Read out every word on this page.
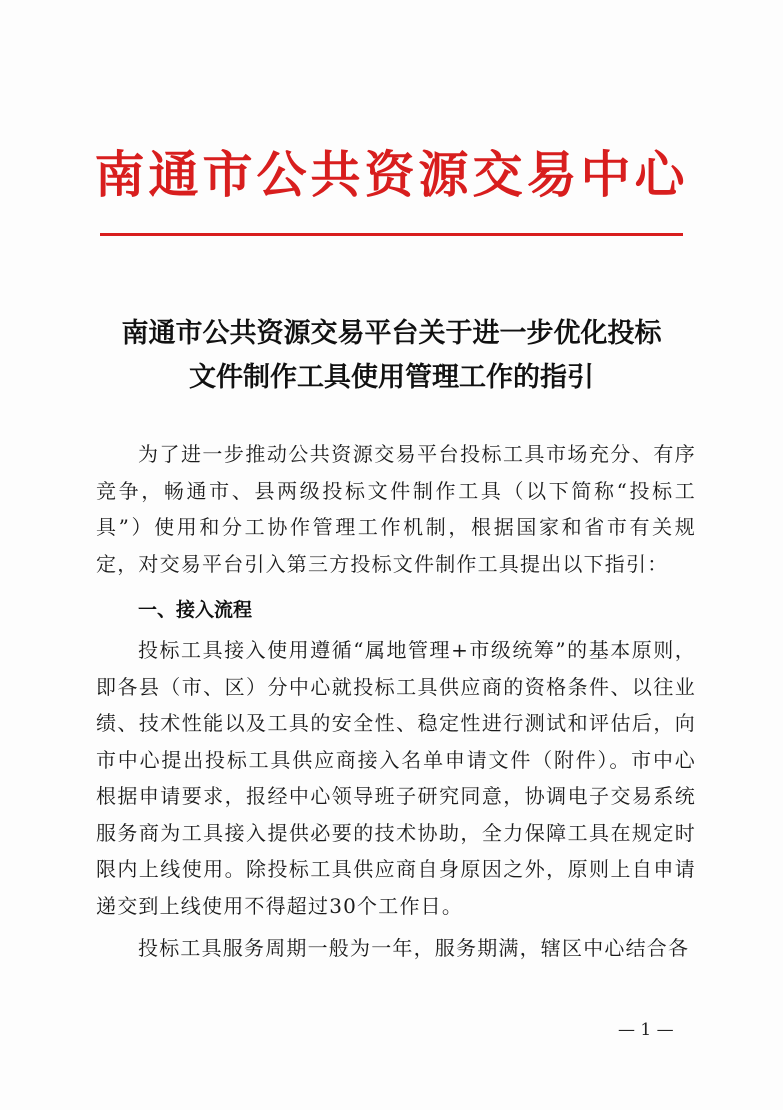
南通市公共资源交易中心
南通市公共资源交易平台关于进一步优化投标
文件制作工具使用管理工作的指引

为了进一步推动公共资源交易平台投标工具市场充分、有序竞争，畅通市、县两级投标文件制作工具（以下简称“投标工具”）使用和分工协作管理工作机制，根据国家和省市有关规定，对交易平台引入第三方投标文件制作工具提出以下指引：

一、接入流程

投标工具接入使用遵循“属地管理+市级统筹”的基本原则，即各县（市、区）分中心就投标工具供应商的资格条件、以往业绩、技术性能以及工具的安全性、稳定性进行测试和评估后，向市中心提出投标工具供应商接入名单申请文件（附件）。市中心根据申请要求，报经中心领导班子研究同意，协调电子交易系统服务商为工具接入提供必要的技术协助，全力保障工具在规定时限内上线使用。除投标工具供应商自身原因之外，原则上自申请递交到上线使用不得超过30个工作日。

投标工具服务周期一般为一年，服务期满，辖区中心结合各

— 1 —
